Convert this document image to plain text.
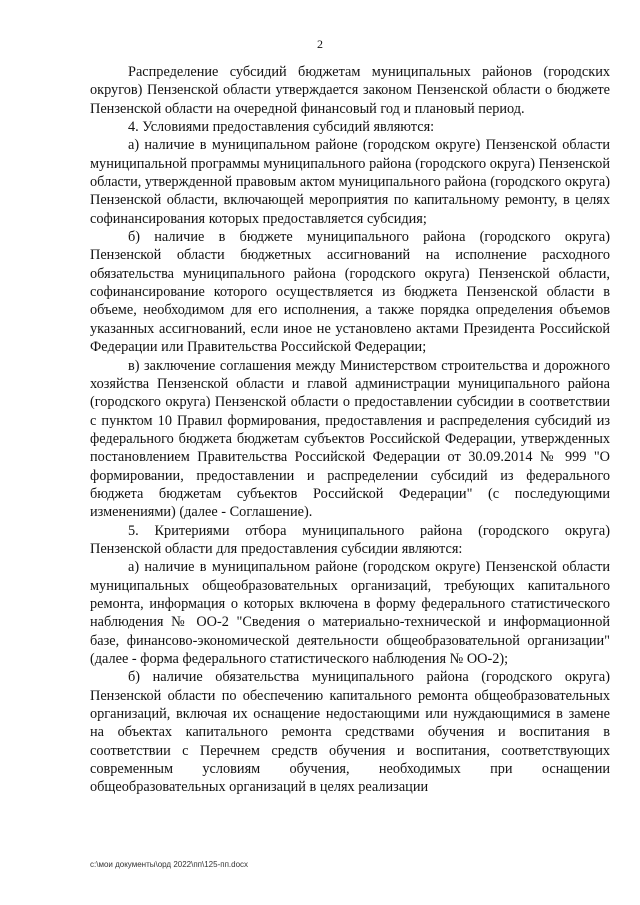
2

Распределение субсидий бюджетам муниципальных районов (городских округов) Пензенской области утверждается законом Пензенской области о бюджете Пензенской области на очередной финансовый год и плановый период.

4. Условиями предоставления субсидий являются:

а) наличие в муниципальном районе (городском округе) Пензенской области муниципальной программы муниципального района (городского округа) Пензенской области, утвержденной правовым актом муниципального района (городского округа) Пензенской области, включающей мероприятия по капитальному ремонту, в целях софинансирования которых предоставляется субсидия;

б) наличие в бюджете муниципального района (городского округа) Пензенской области бюджетных ассигнований на исполнение расходного обязательства муниципального района (городского округа) Пензенской области, софинансирование которого осуществляется из бюджета Пензенской области в объеме, необходимом для его исполнения, а также порядка определения объемов указанных ассигнований, если иное не установлено актами Президента Российской Федерации или Правительства Российской Федерации;

в) заключение соглашения между Министерством строительства и дорожного хозяйства Пензенской области и главой администрации муниципального района (городского округа) Пензенской области о предоставлении субсидии в соответствии с пунктом 10 Правил формирования, предоставления и распределения субсидий из федерального бюджета бюджетам субъектов Российской Федерации, утвержденных постановлением Правительства Российской Федерации от 30.09.2014 № 999 "О формировании, предоставлении и распределении субсидий из федерального бюджета бюджетам субъектов Российской Федерации" (с последующими изменениями) (далее - Соглашение).

5. Критериями отбора муниципального района (городского округа) Пензенской области для предоставления субсидии являются:

а) наличие в муниципальном районе (городском округе) Пензенской области муниципальных общеобразовательных организаций, требующих капитального ремонта, информация о которых включена в форму федерального статистического наблюдения № ОО-2 "Сведения о материально-технической и информационной базе, финансово-экономической деятельности общеобразовательной организации" (далее - форма федерального статистического наблюдения № ОО-2);

б) наличие обязательства муниципального района (городского округа) Пензенской области по обеспечению капитального ремонта общеобразовательных организаций, включая их оснащение недостающими или нуждающимися в замене на объектах капитального ремонта средствами обучения и воспитания в соответствии с Перечнем средств обучения и воспитания, соответствующих современным условиям обучения, необходимых при оснащении общеобразовательных организаций в целях реализации

c:\мои документы\орд 2022\пп\125-пп.docx
